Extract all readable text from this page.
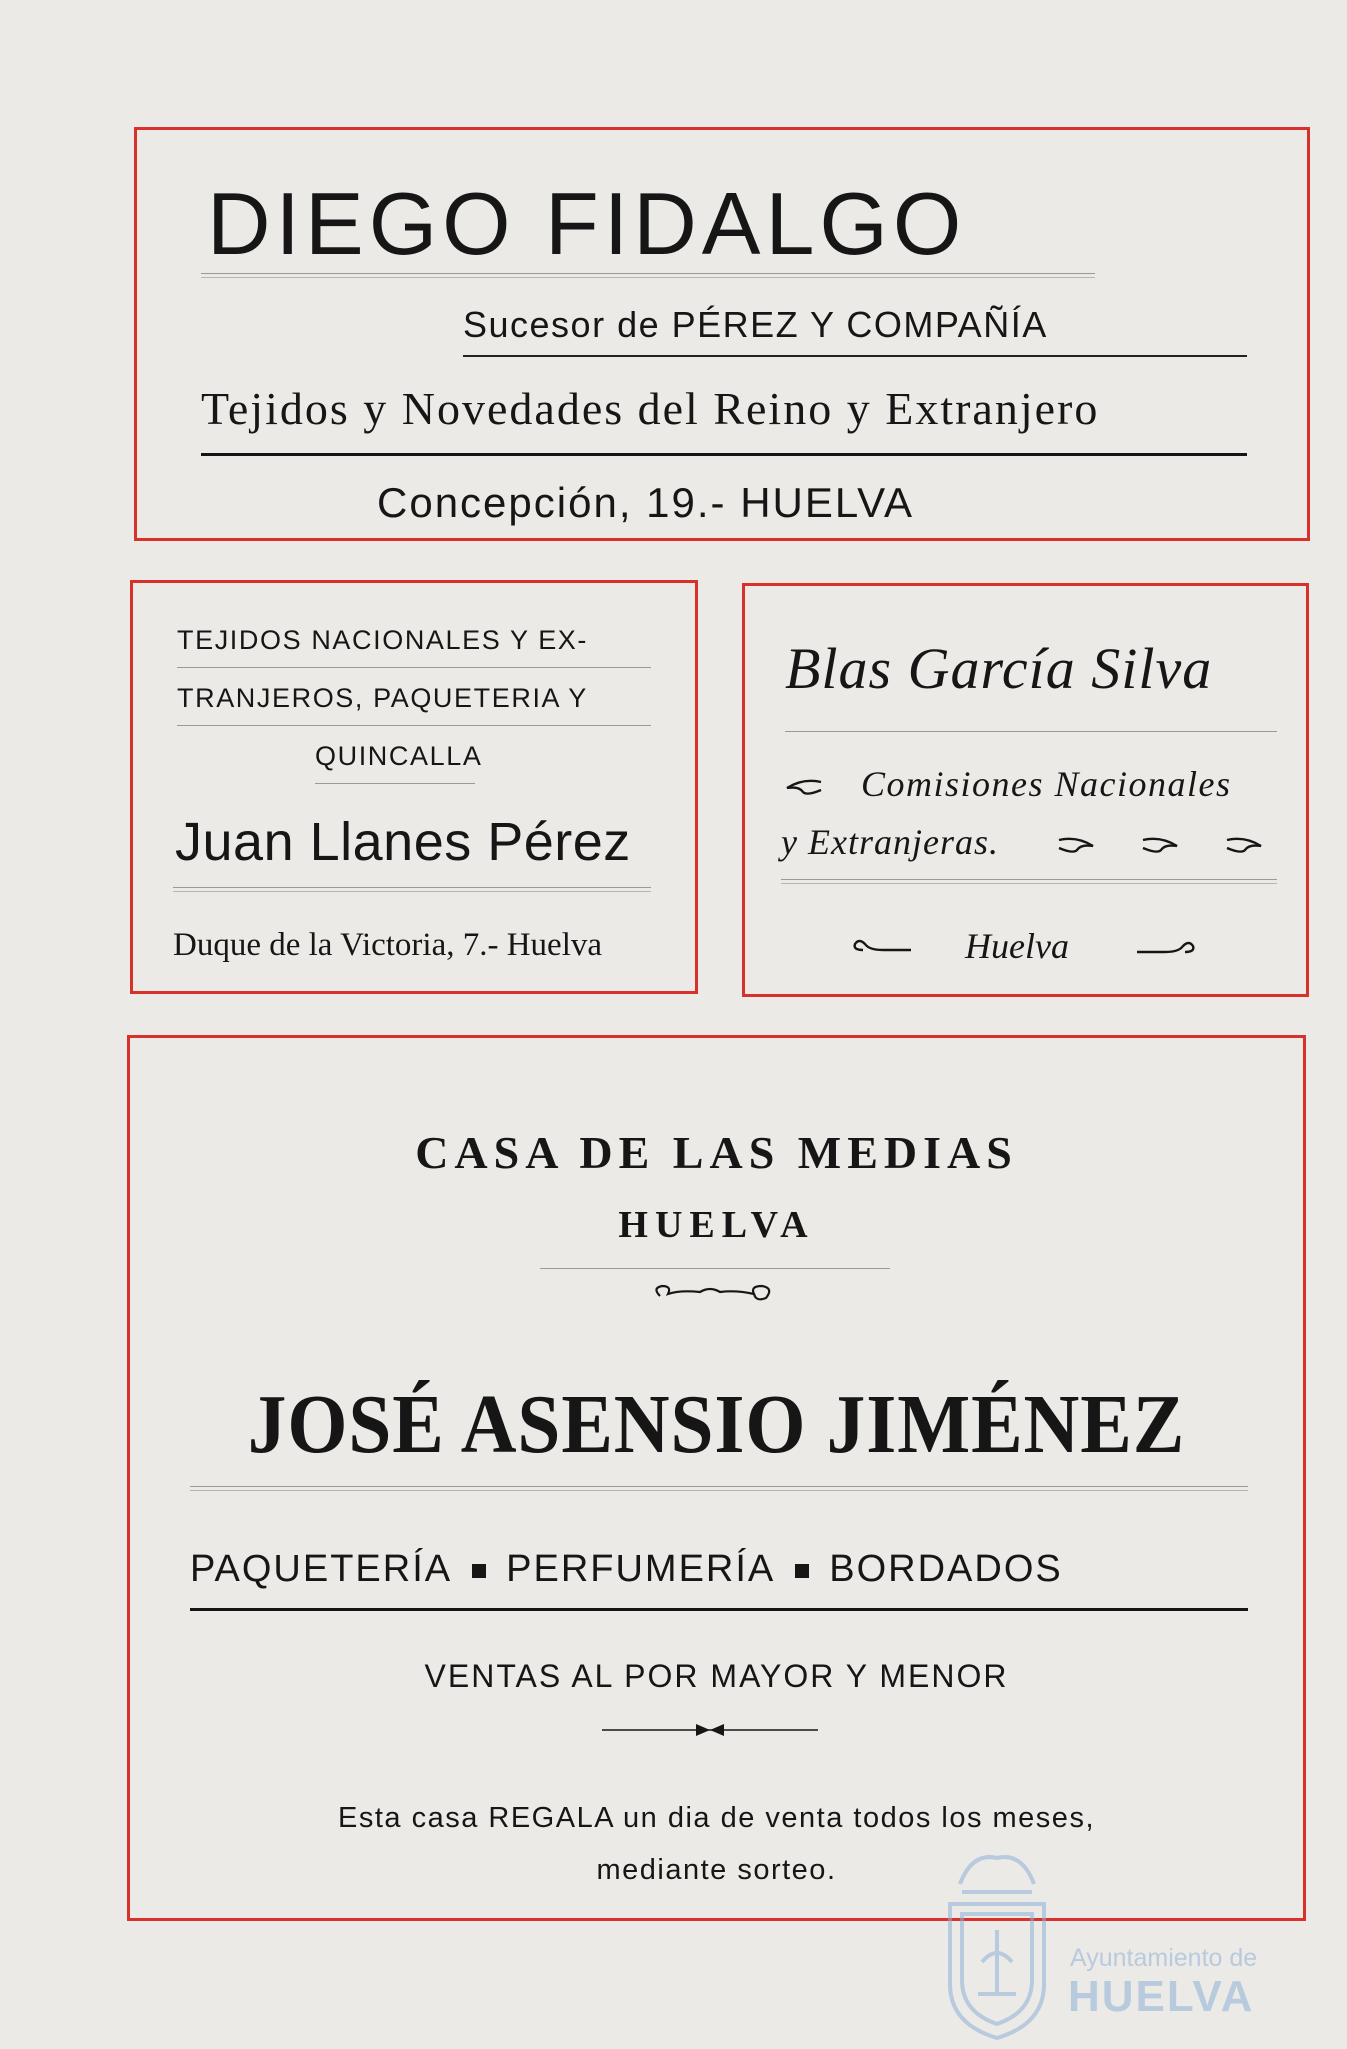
DIEGO FIDALGO
Sucesor de PÉREZ Y COMPAÑÍA
Tejidos y Novedades del Reino y Extranjero
Concepción, 19.- HUELVA
TEJIDOS NACIONALES Y EX-
TRANJEROS, PAQUETERIA Y
QUINCALLA
Juan Llanes Pérez
Duque de la Victoria, 7.- Huelva
Blas García Silva
Comisiones Nacionales
y Extranjeras.
Huelva
CASA DE LAS MEDIAS
HUELVA
JOSÉ ASENSIO JIMÉNEZ
PAQUETERÍA PERFUMERÍA BORDADOS
VENTAS AL POR MAYOR Y MENOR
Esta casa REGALA un dia de venta todos los meses,
mediante sorteo.
Ayuntamiento de
HUELVA
